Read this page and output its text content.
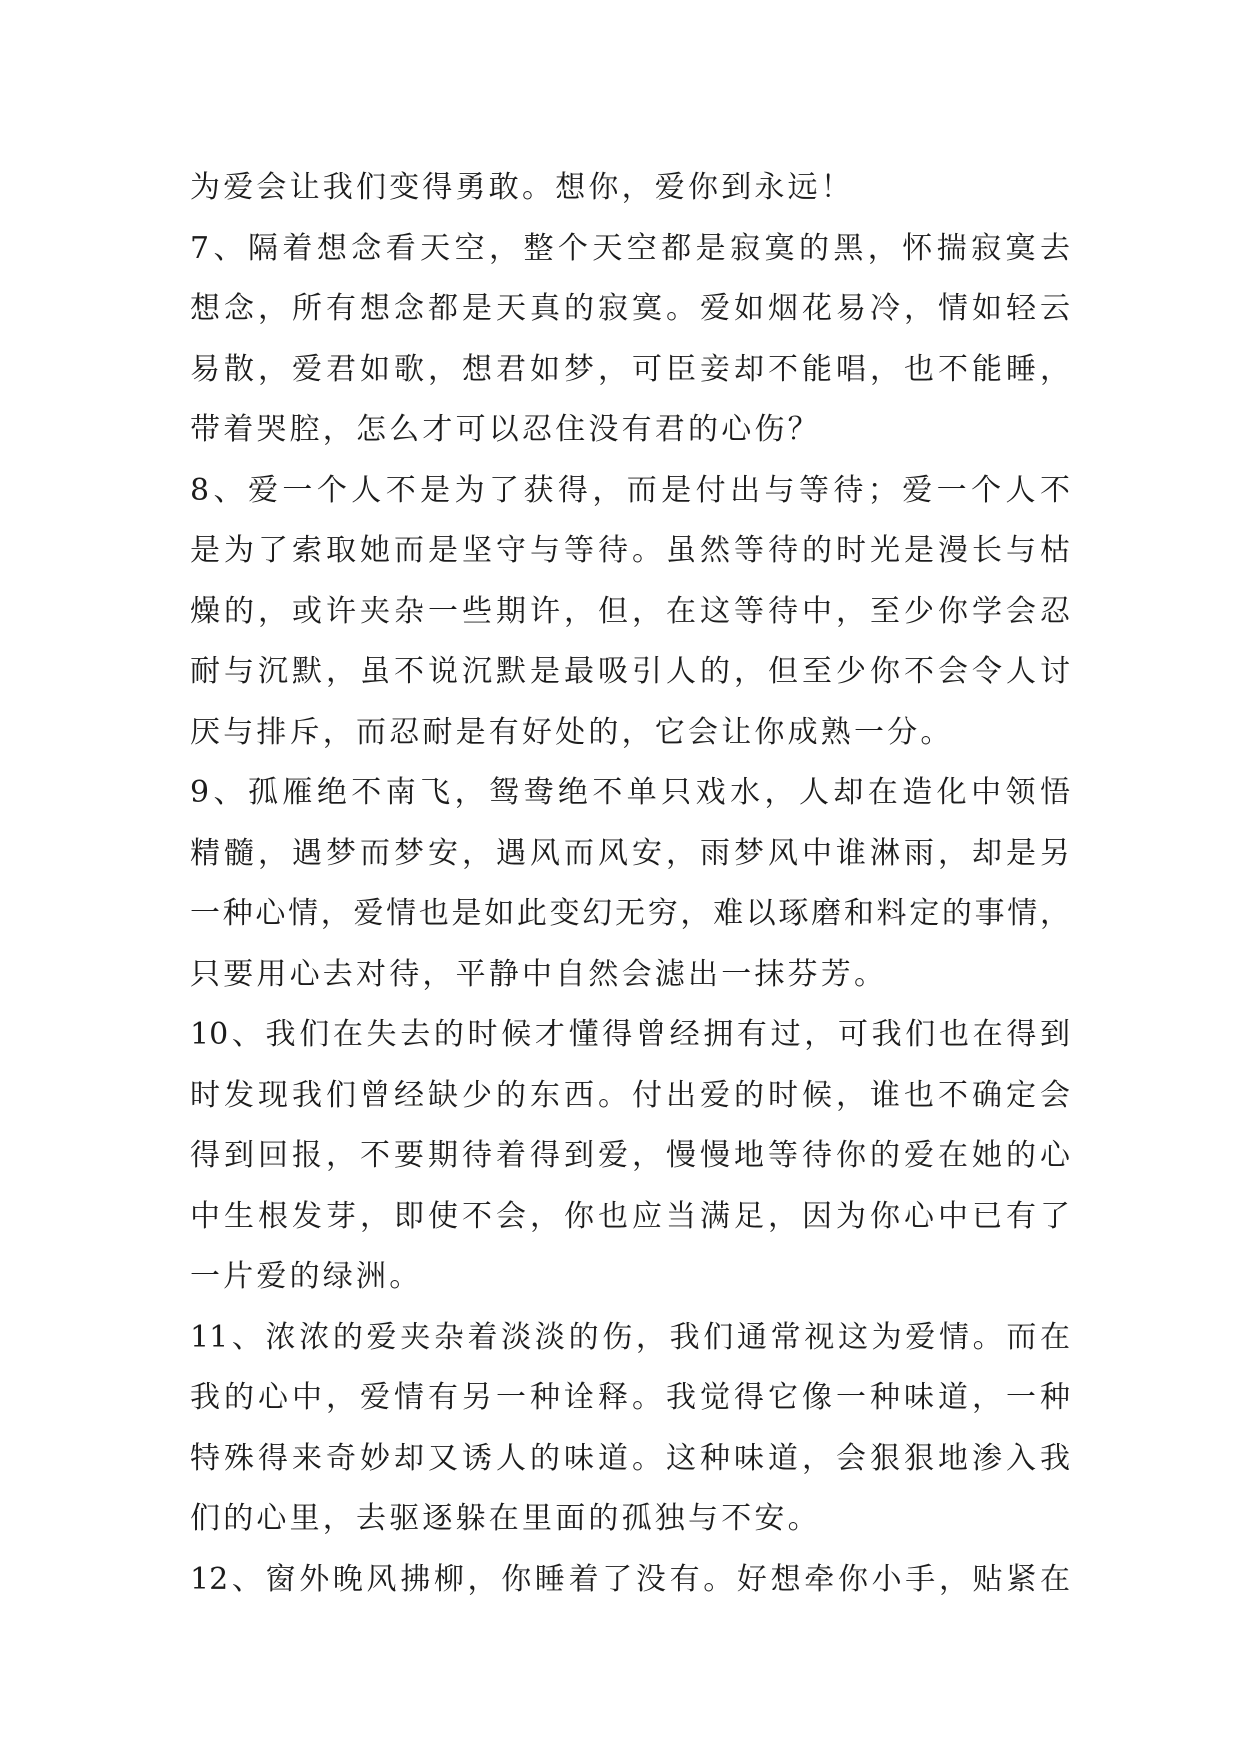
为爱会让我们变得勇敢。想你，爱你到永远！
7、隔着想念看天空，整个天空都是寂寞的黑，怀揣寂寞去
想念，所有想念都是天真的寂寞。爱如烟花易冷，情如轻云
易散，爱君如歌，想君如梦，可臣妾却不能唱，也不能睡，
带着哭腔，怎么才可以忍住没有君的心伤？
8、爱一个人不是为了获得，而是付出与等待；爱一个人不
是为了索取她而是坚守与等待。虽然等待的时光是漫长与枯
燥的，或许夹杂一些期许，但，在这等待中，至少你学会忍
耐与沉默，虽不说沉默是最吸引人的，但至少你不会令人讨
厌与排斥，而忍耐是有好处的，它会让你成熟一分。
9、孤雁绝不南飞，鸳鸯绝不单只戏水，人却在造化中领悟
精髓，遇梦而梦安，遇风而风安，雨梦风中谁淋雨，却是另
一种心情，爱情也是如此变幻无穷，难以琢磨和料定的事情，
只要用心去对待，平静中自然会滤出一抹芬芳。
10、我们在失去的时候才懂得曾经拥有过，可我们也在得到
时发现我们曾经缺少的东西。付出爱的时候，谁也不确定会
得到回报，不要期待着得到爱，慢慢地等待你的爱在她的心
中生根发芽，即使不会，你也应当满足，因为你心中已有了
一片爱的绿洲。
11、浓浓的爱夹杂着淡淡的伤，我们通常视这为爱情。而在
我的心中，爱情有另一种诠释。我觉得它像一种味道，一种
特殊得来奇妙却又诱人的味道。这种味道，会狠狠地渗入我
们的心里，去驱逐躲在里面的孤独与不安。
12、窗外晚风拂柳，你睡着了没有。好想牵你小手，贴紧在
